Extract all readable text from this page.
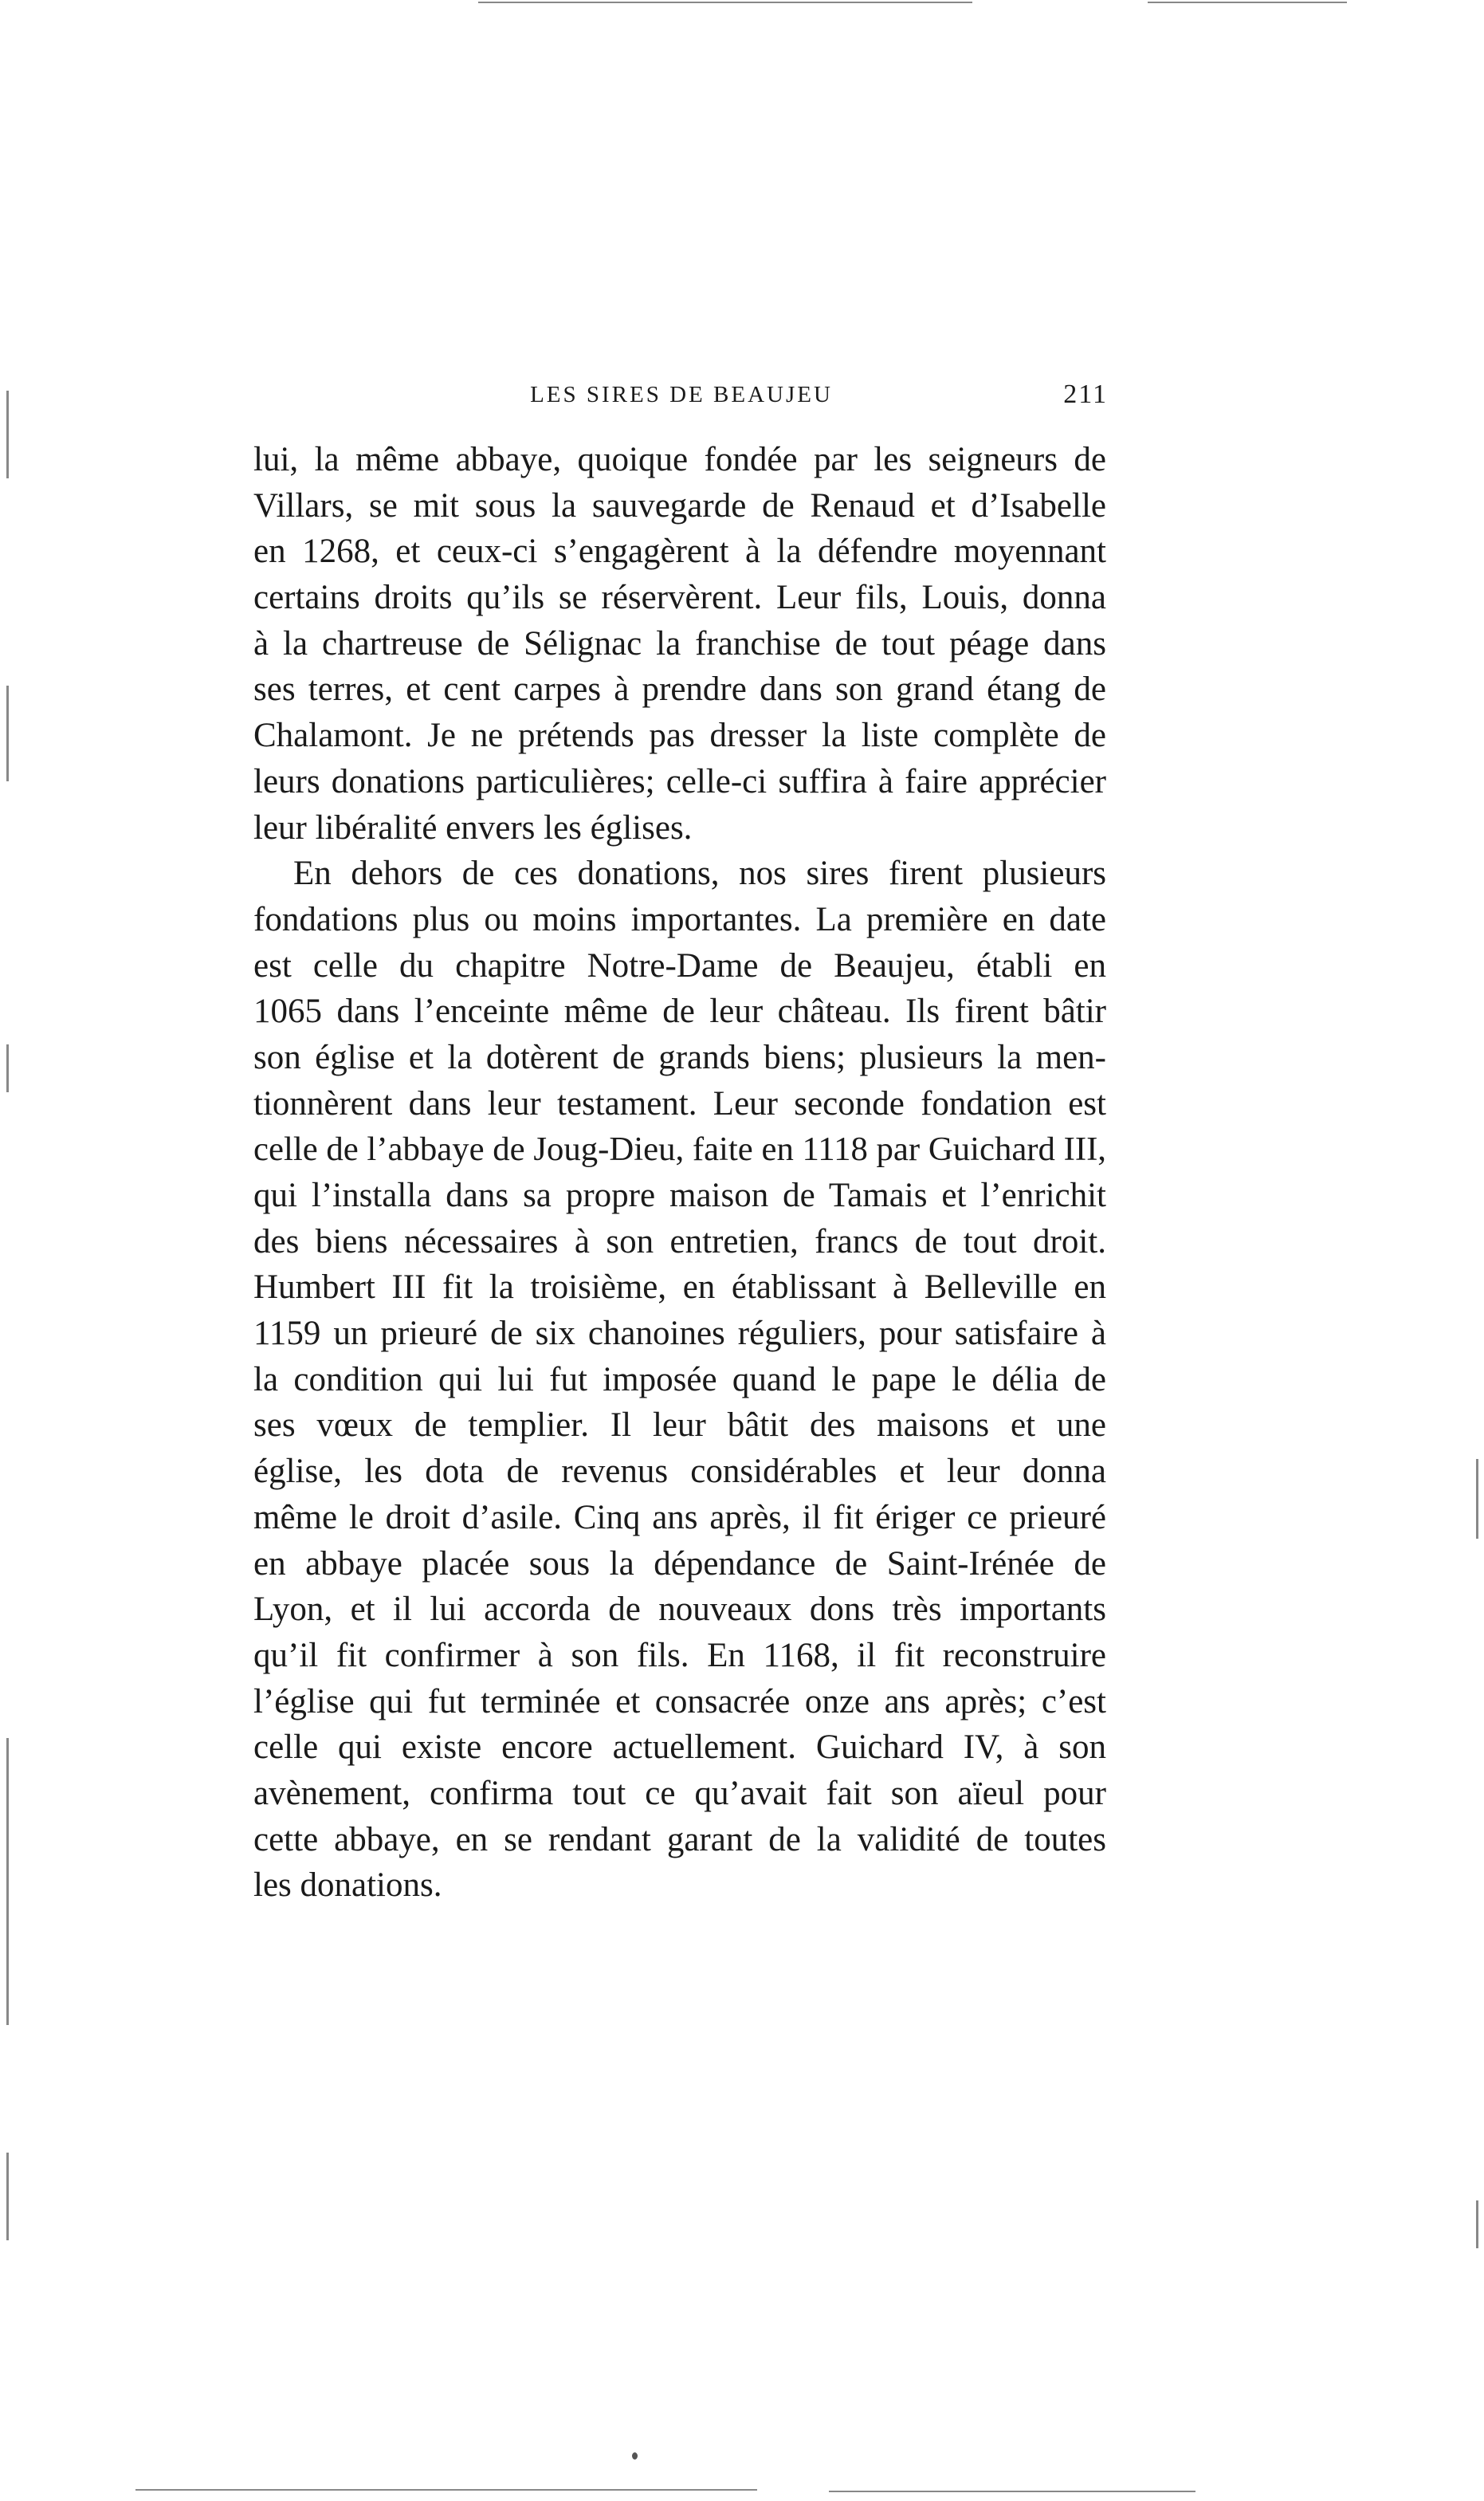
LES SIRES DE BEAUJEU	211
lui, la même abbaye, quoique fondée par les seigneurs de
Villars, se mit sous la sauvegarde de Renaud et d’Isabelle
en 1268, et ceux-ci s’engagèrent à la défendre moyennant
certains droits qu’ils se réservèrent. Leur fils, Louis, donna
à la chartreuse de Sélignac la franchise de tout péage dans
ses terres, et cent carpes à prendre dans son grand étang de
Chalamont. Je ne prétends pas dresser la liste complète de
leurs donations particulières; celle-ci suffira à faire apprécier
leur libéralité envers les églises.
En dehors de ces donations, nos sires firent plusieurs
fondations plus ou moins importantes. La première en date
est celle du chapitre Notre-Dame de Beaujeu, établi en
1065 dans l’enceinte même de leur château. Ils firent bâtir
son église et la dotèrent de grands biens; plusieurs la men-
tionnèrent dans leur testament. Leur seconde fondation est
celle de l’abbaye de Joug-Dieu, faite en 1118 par Guichard III,
qui l’installa dans sa propre maison de Tamais et l’enrichit
des biens nécessaires à son entretien, francs de tout droit.
Humbert III fit la troisième, en établissant à Belleville en
1159 un prieuré de six chanoines réguliers, pour satisfaire à
la condition qui lui fut imposée quand le pape le délia de
ses vœux de templier. Il leur bâtit des maisons et une
église, les dota de revenus considérables et leur donna
même le droit d’asile. Cinq ans après, il fit ériger ce prieuré
en abbaye placée sous la dépendance de Saint-Irénée de
Lyon, et il lui accorda de nouveaux dons très importants
qu’il fit confirmer à son fils. En 1168, il fit reconstruire
l’église qui fut terminée et consacrée onze ans après; c’est
celle qui existe encore actuellement. Guichard IV, à son
avènement, confirma tout ce qu’avait fait son aïeul pour
cette abbaye, en se rendant garant de la validité de toutes
les donations.
